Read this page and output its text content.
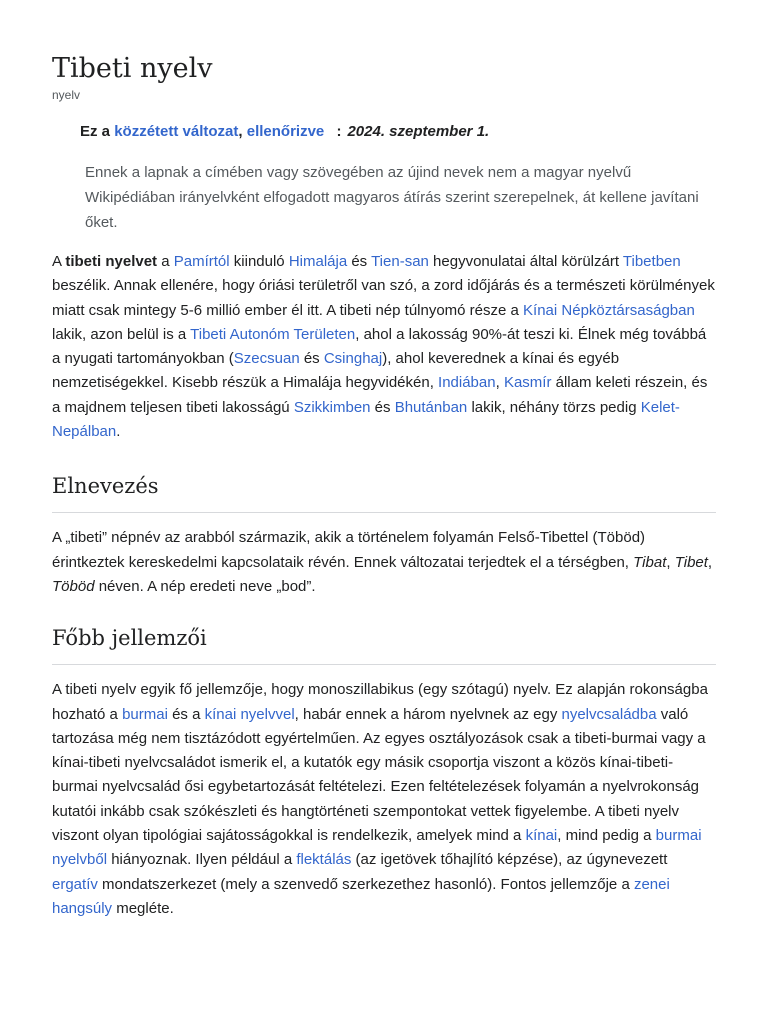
Tibeti nyelv
nyelv
Ez a közzétett változat, ellenőrizve : 2024. szeptember 1.
Ennek a lapnak a címében vagy szövegében az újind nevek nem a magyar nyelvű Wikipédiában irányelvként elfogadott magyaros átírás szerint szerepelnek, át kellene javítani őket.

A tibeti nyelvet a Pamírtól kiinduló Himalája és Tien-san hegyvonulatai által körülzárt Tibetben beszélik. Annak ellenére, hogy óriási területről van szó, a zord időjárás és a természeti körülmények miatt csak mintegy 5-6 millió ember él itt. A tibeti nép túlnyomó része a Kínai Népköztársaságban lakik, azon belül is a Tibeti Autonóm Területen, ahol a lakosság 90%-át teszi ki. Élnek még továbbá a nyugati tartományokban (Szecsuan és Csinghaj), ahol keverednek a kínai és egyéb nemzetiségekkel. Kisebb részük a Himalája hegyvidékén, Indiában, Kasmír állam keleti részein, és a majdnem teljesen tibeti lakosságú Szikkimben és Bhutánban lakik, néhány törzs pedig Kelet-Nepálban.

Elnevezés

A „tibeti” népnév az arabból származik, akik a történelem folyamán Felső-Tibettel (Töböd) érintkeztek kereskedelmi kapcsolataik révén. Ennek változatai terjedtek el a térségben, Tibat, Tibet, Töböd néven. A nép eredeti neve „bod”.

Főbb jellemzői

A tibeti nyelv egyik fő jellemzője, hogy monoszillabikus (egy szótagú) nyelv. Ez alapján rokonságba hozható a burmai és a kínai nyelvvel, habár ennek a három nyelvnek az egy nyelvcsaládba való tartozása még nem tisztázódott egyértelműen. Az egyes osztályozások csak a tibeti-burmai vagy a kínai-tibeti nyelvcsaládot ismerik el, a kutatók egy másik csoportja viszont a közös kínai-tibeti-burmai nyelvcsalád ősi egybetartozását feltételezi. Ezen feltételezések folyamán a nyelvrokonság kutatói inkább csak szókészleti és hangtörténeti szempontokat vettek figyelembe. A tibeti nyelv viszont olyan tipológiai sajátosságokkal is rendelkezik, amelyek mind a kínai, mind pedig a burmai nyelvből hiányoznak. Ilyen például a flektálás (az igetövek tőhajlító képzése), az úgynevezett ergatív mondatszerkezet (mely a szenvedő szerkezethez hasonló). Fontos jellemzője a zenei hangsúly megléte.
